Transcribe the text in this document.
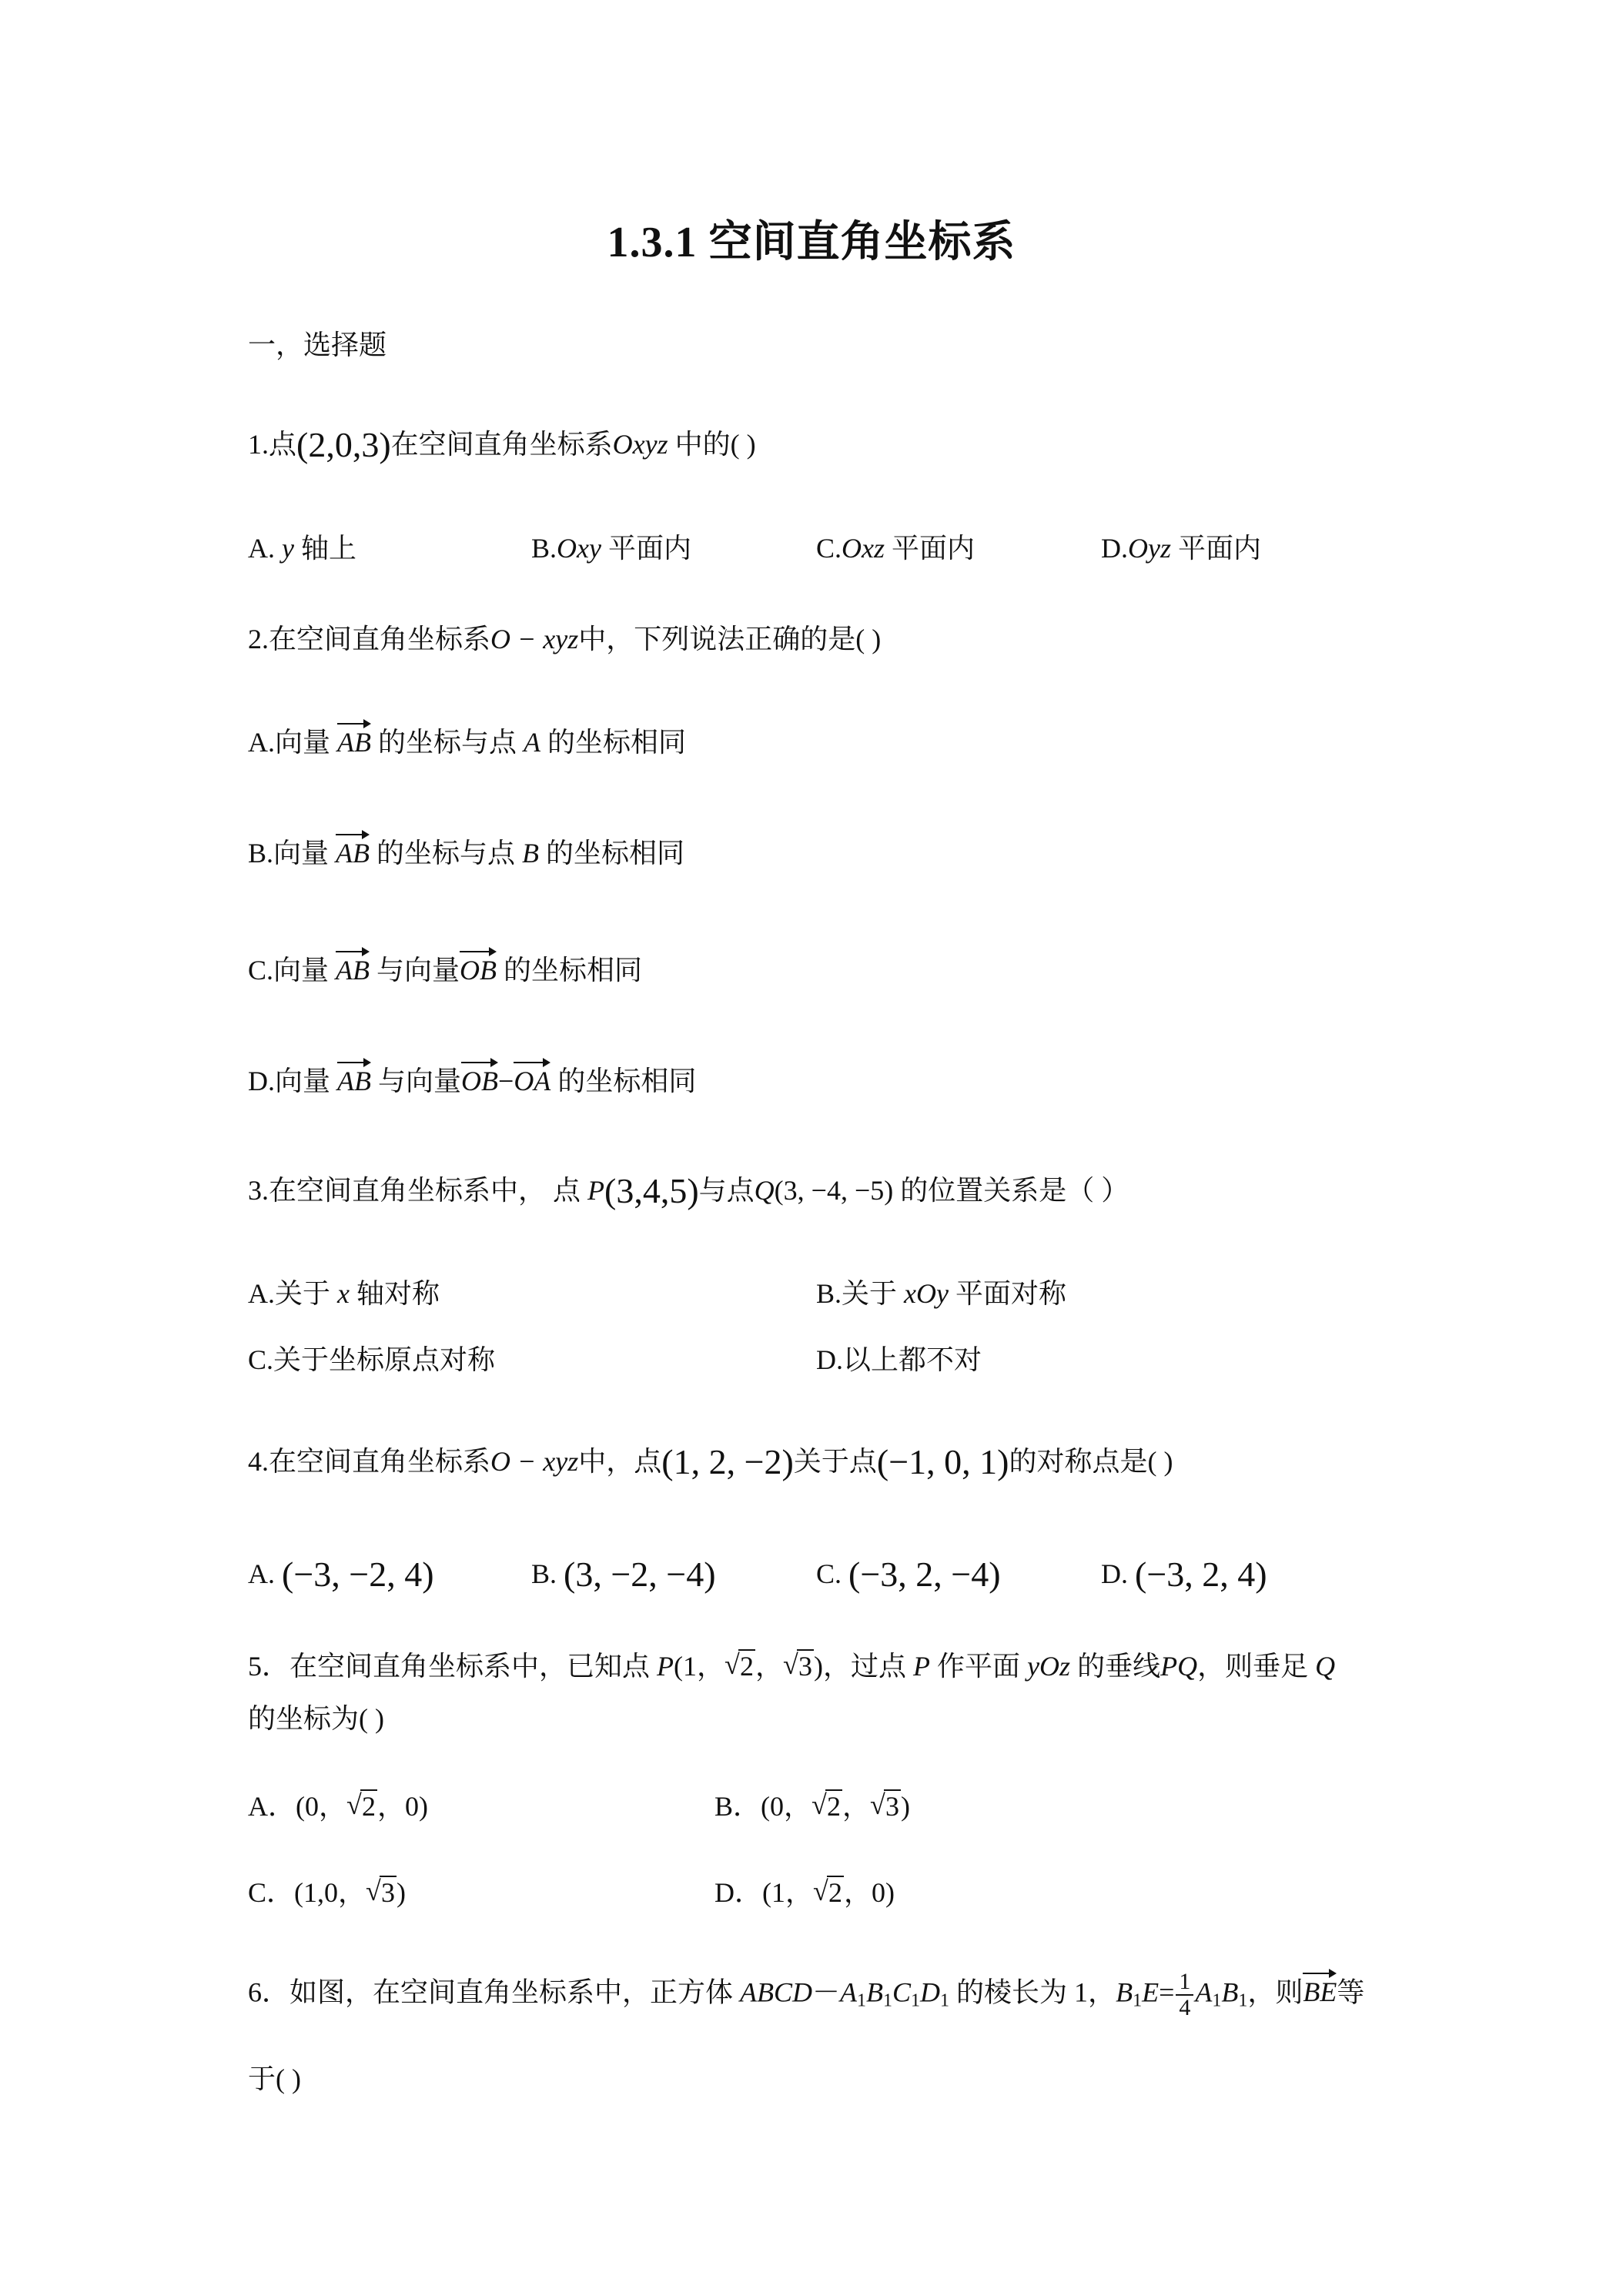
1.3.1 空间直角坐标系
一，选择题
1.点(2,0,3)在空间直角坐标系Oxyz 中的( )
A. y 轴上	B.Oxy 平面内	C.Oxz 平面内	D.Oyz 平面内
2.在空间直角坐标系O − xyz中，下列说法正确的是( )
A.向量 AB 的坐标与点 A 的坐标相同
B.向量 AB 的坐标与点 B 的坐标相同
C.向量 AB 与向量
OB 的坐标相同
D.向量 AB 与向量
OB−
OA 的坐标相同
3.在空间直角坐标系中， 点 P(3,4,5)与点Q(3, −4, −5) 的位置关系是（ ）
A.关于 x 轴对称	B.关于 xOy 平面对称
C.关于坐标原点对称	D.以上都不对
4.在空间直角坐标系O − xyz中，点(1, 2, −2)关于点(−1, 0, 1)的对称点是( )
A. (−3, −2, 4)	B. (3, −2, −4)	C. (−3, 2, −4)	D. (−3, 2, 4)
5．在空间直角坐标系中，已知点 P(1， √ 2， √ 3)，过点 P 作平面 yOz 的垂线PQ，则垂足 Q
的坐标为( )
A．(0， √ 2，0)	B．(0， √ 2， √ 3)
C．(1,0， √ 3)	D．(1， √ 2，0)
6．如图，在空间直角坐标系中，正方体 $ABCD-A_1B_1C_1D_1$ 的棱长为 1，$B_1E= \frac{1}{4} A_1B_1$，则
BE等
于( )
